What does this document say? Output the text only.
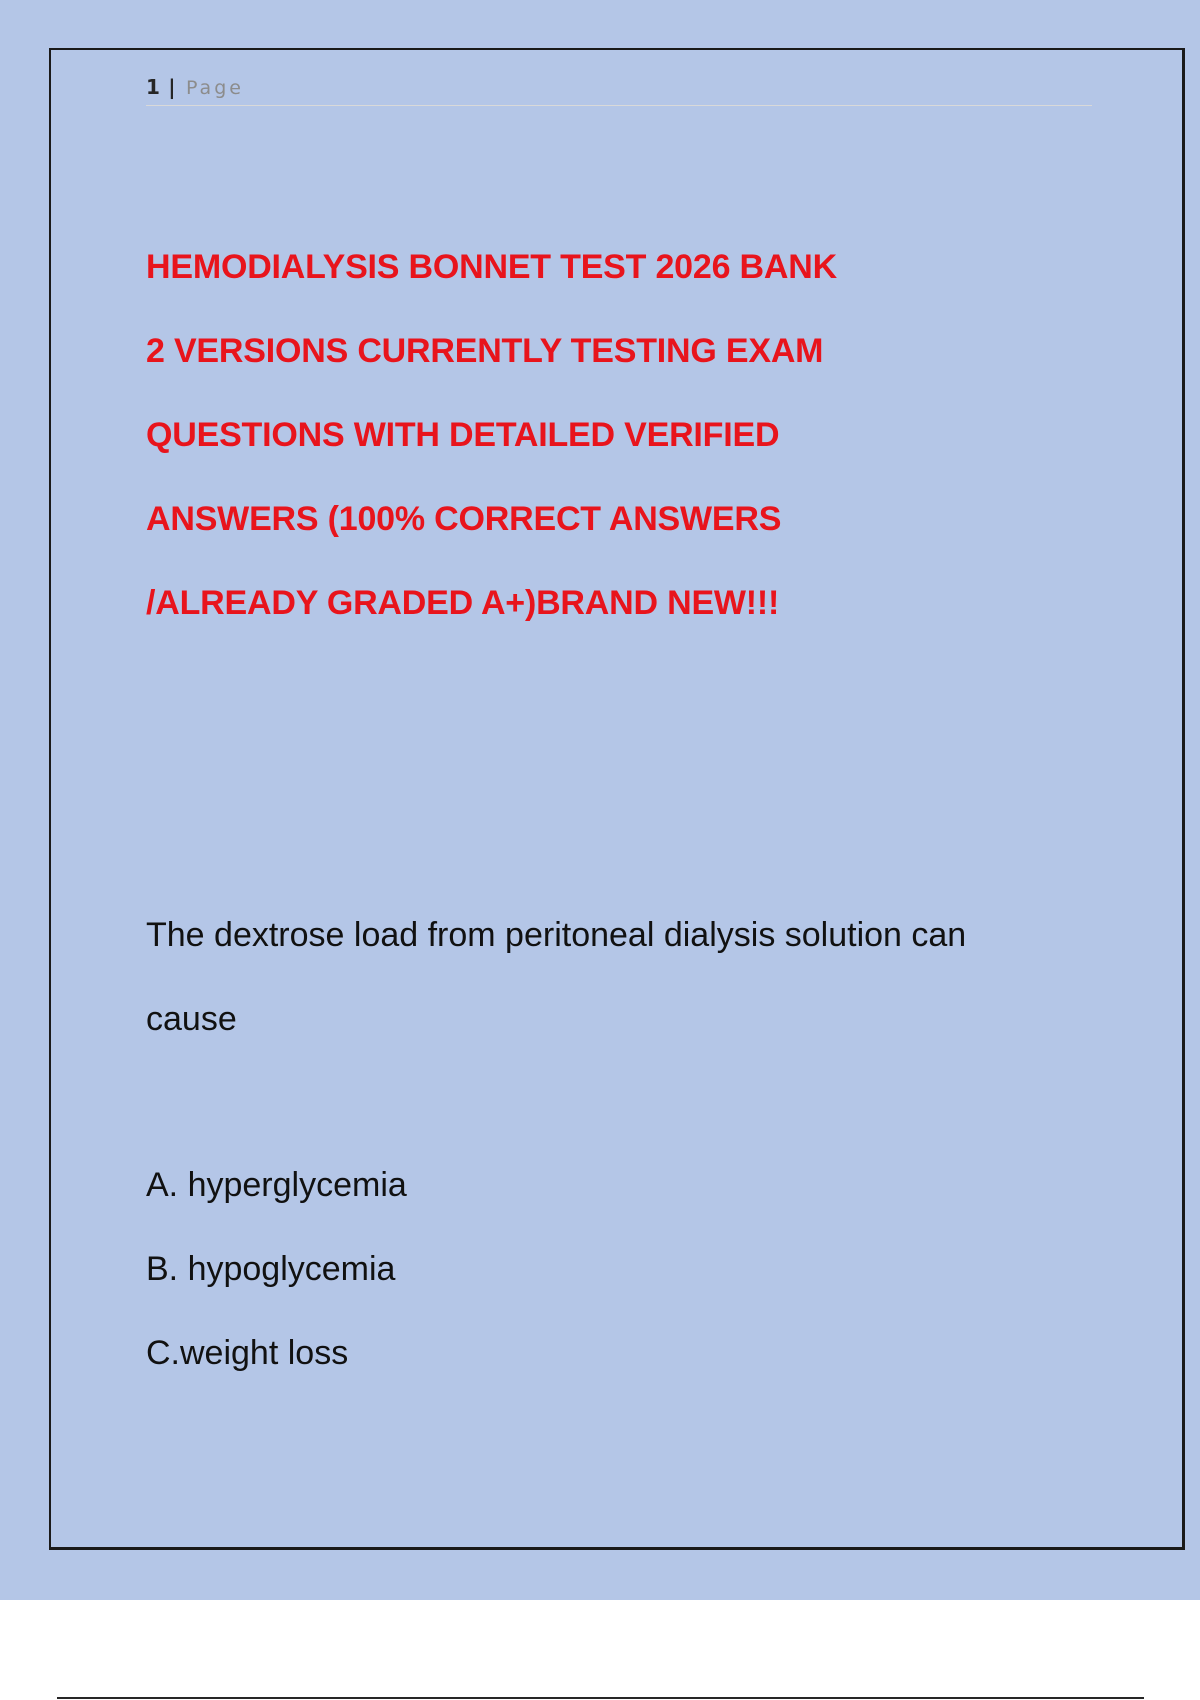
1 | Page
HEMODIALYSIS BONNET TEST 2026 BANK
2 VERSIONS CURRENTLY TESTING EXAM
QUESTIONS WITH DETAILED VERIFIED
ANSWERS (100% CORRECT ANSWERS
/ALREADY GRADED A+)BRAND NEW!!!
The dextrose load from peritoneal dialysis solution can
cause
A. hyperglycemia
B. hypoglycemia
C.weight loss
